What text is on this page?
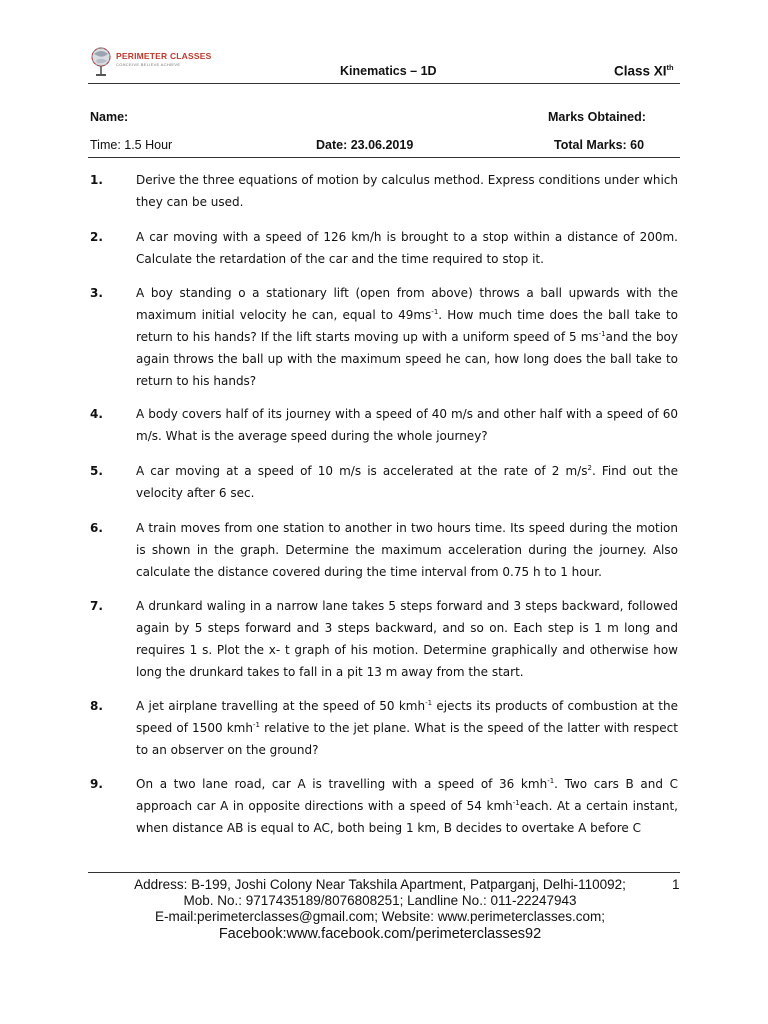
PERIMETER CLASSES
CONCEIVE BELIEVE ACHIEVE	Kinematics – 1D	Class XIth
Name:	Marks Obtained:
Time: 1.5 Hour	Date: 23.06.2019	Total Marks: 60
1.	Derive the three equations of motion by calculus method. Express conditions under which they can be used.
2.	A car moving with a speed of 126 km/h is brought to a stop within a distance of 200m. Calculate the retardation of the car and the time required to stop it.
3.	A boy standing o a stationary lift (open from above) throws a ball upwards with the maximum initial velocity he can, equal to $49ms^{-1}$. How much time does the ball take to return to his hands? If the lift starts moving up with a uniform speed of 5 $ms^{-1}and$ the boy again throws the ball up with the maximum speed he can, how long does the ball take to return to his hands?
4.	A body covers half of its journey with a speed of 40 m/s and other half with a speed of 60 m/s. What is the average speed during the whole journey?
5.	A car moving at a speed of 10 m/s is accelerated at the rate of 2 $m/s^2$. Find out the velocity after 6 sec.
6.	A train moves from one station to another in two hours time. Its speed during the motion is shown in the graph. Determine the maximum acceleration during the journey. Also calculate the distance covered during the time interval from 0.75 h to 1 hour.
7.	A drunkard waling in a narrow lane takes 5 steps forward and 3 steps backward, followed again by 5 steps forward and 3 steps backward, and so on. Each step is 1 m long and requires 1 s. Plot the x- t graph of his motion. Determine graphically and otherwise how long the drunkard takes to fall in a pit 13 m away from the start.
8.	A jet airplane travelling at the speed of 50 kmh$^{-1}$ ejects its products of combustion at the speed of 1500 kmh$^{-1}$ relative to the jet plane. What is the speed of the latter with respect to an observer on the ground?
9.	On a two lane road, car A is travelling with a speed of 36 kmh$^{-1}$. Two cars B and C approach car A in opposite directions with a speed of 54 kmh$^{-1}$each. At a certain instant, when distance AB is equal to AC, both being 1 km, B decides to overtake A before C
Address: B-199, Joshi Colony Near Takshila Apartment, Patparganj, Delhi-110092;
Mob. No.: 9717435189/8076808251; Landline No.: 011-22247943
E-mail:perimeterclasses@gmail.com; Website: www.perimeterclasses.com;
Facebook:www.facebook.com/perimeterclasses92
1
